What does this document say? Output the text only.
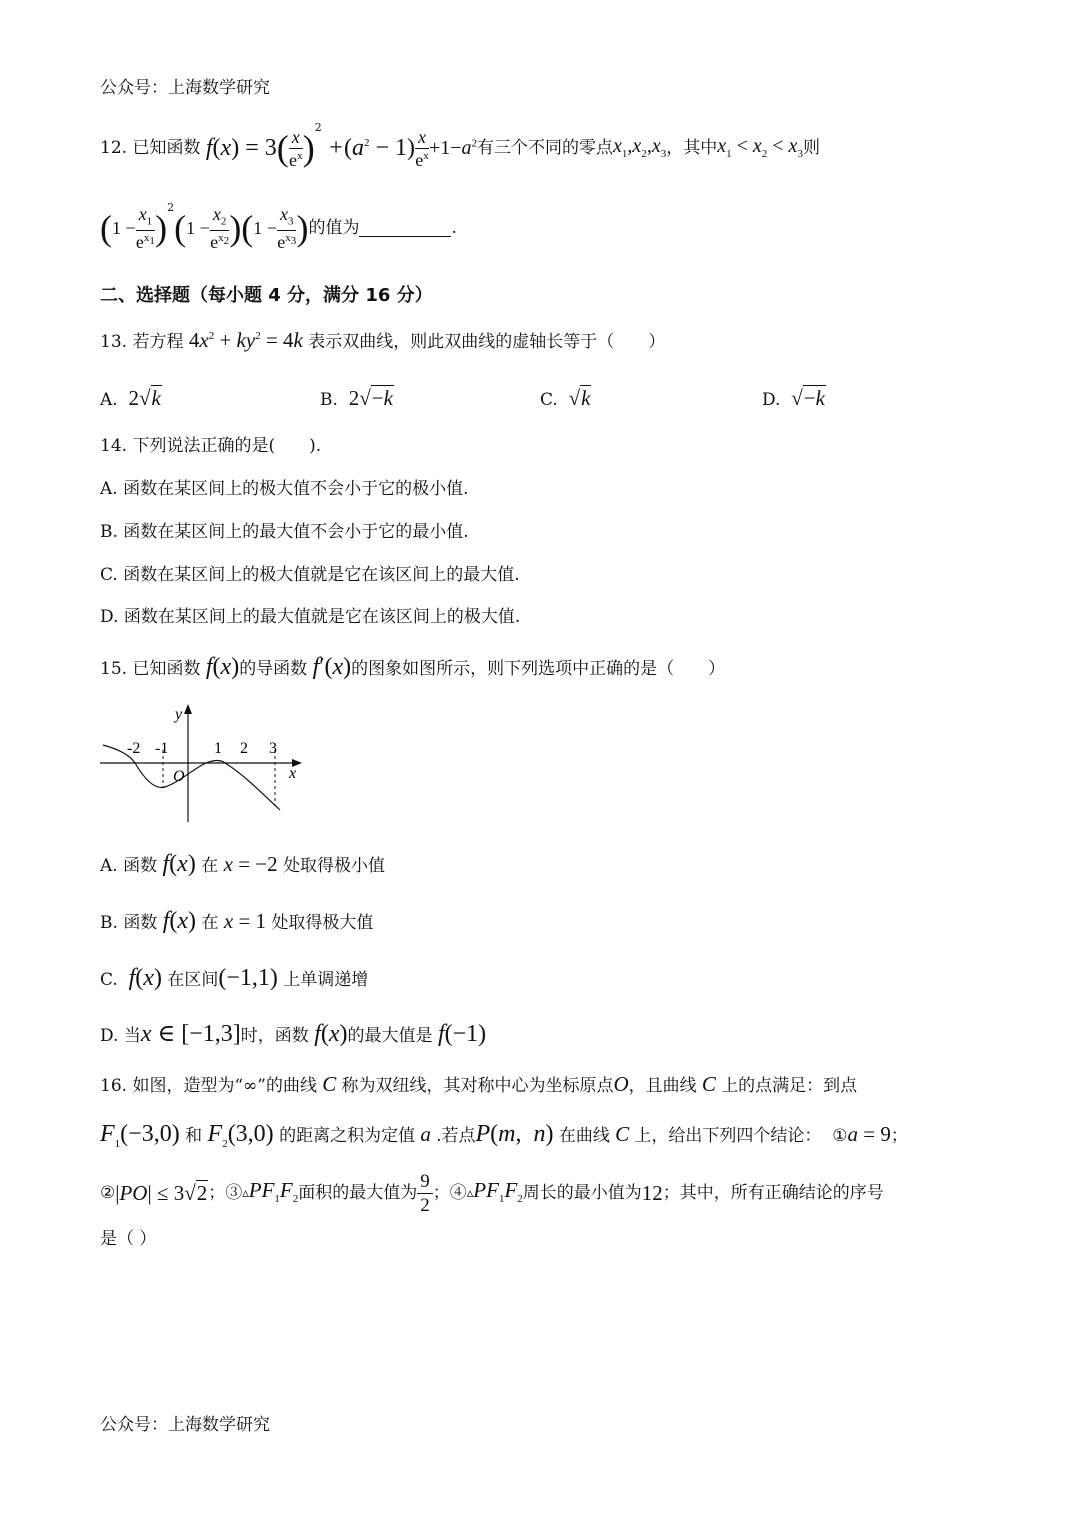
公众号：上海数学研究
12.
已知函数
f(x) = 3 ( $\frac{x}{e^x}$ )
$^2$
$+(a^2 - 1) \frac{x}{e^x} +1-a^2$ 有三个不同的零点 $x_1,x_2,x_3$ ，其中 $x_1 < x_2 < x_3$ 则
( $1 - \frac{x_1}{e^{x_1}}$ )
$^2$
( $1 - \frac{x_2}{e^{x_2}}$ )( $1 - \frac{x_3}{e^{x_3}}$ ) 的值为	.
二、选择题（每小题 4 分，满分 16 分）
13.
若方程
$4x^2 + ky^2 = 4k$
表示双曲线，则此双曲线的虚轴长等于（　　）
A.
2√k	B.
2√−k	C.
√k	D.
√−k
14. 下列说法正确的是(　　).
A. 函数在某区间上的极大值不会小于它的极小值.
B. 函数在某区间上的最大值不会小于它的最小值.
C. 函数在某区间上的极大值就是它在该区间上的最大值.
D. 函数在某区间上的最大值就是它在该区间上的极大值.
15.
已知函数
f(x) 的导函数
f′(x) 的图象如图所示，则下列选项中正确的是（　　）
-2 -1	1 2 3
y
x
O
A.
函数
f(x)
在
x = −2
处取得极小值
B.
函数
f(x)
在
x = 1
处取得极大值
C.
f(x)
在区间 (−1,1)
上单调递增
D.
当 x ∈ [−1,3] 时，函数
f(x) 的最大值是
f(−1)
16. 如图，造型为“∞”的曲线 C 称为双纽线，其对称中心为坐标原点 O ，且曲线 C 上的点满足：到点
$F_1(-3,0)$
和
$F_2(3,0)$
的距离之积为定值 a .若点 P(m,  n)
在曲线 C 上，给出下列四个结论：
① a = 9 ；
② |PO| ≤ 3√2 ；③ $▵PF_1F_2$ 面积的最大值为 $\frac{9}{2}$ ；④ $▵PF_1F_2$ 周长的最小值为 12 ；其中，所有正确结论的序号
是（ ）
公众号：上海数学研究
